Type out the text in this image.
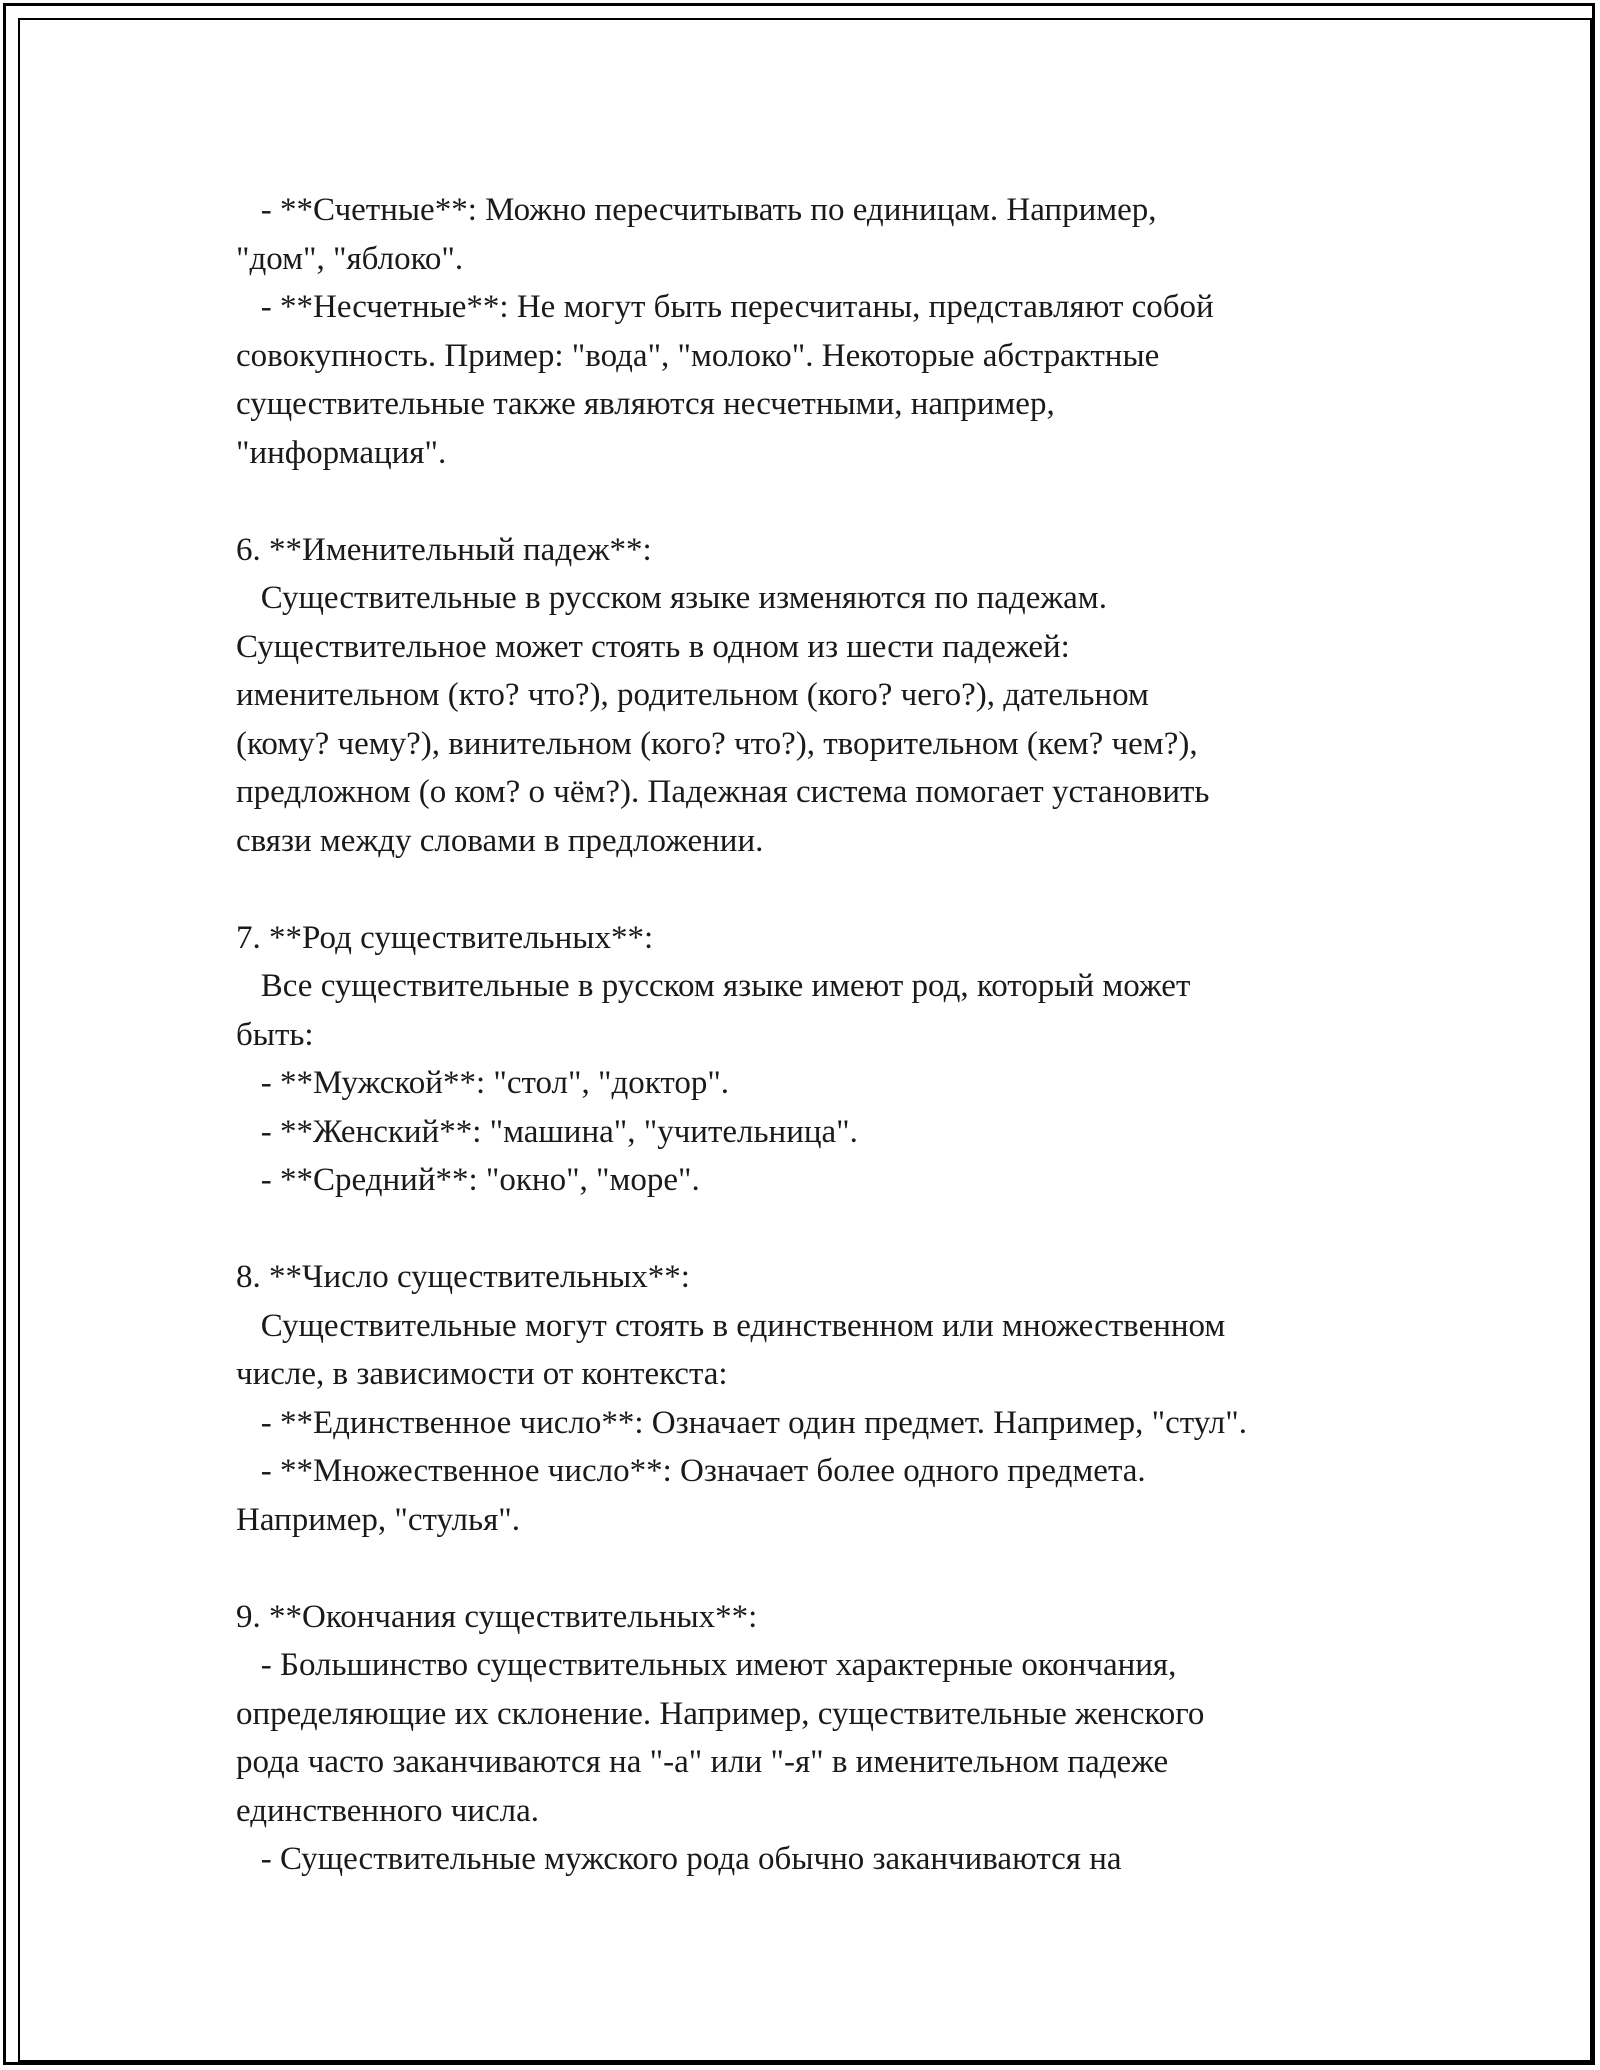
- **Счетные**: Можно пересчитывать по единицам. Например,
"дом", "яблоко".
- **Несчетные**: Не могут быть пересчитаны, представляют собой
совокупность. Пример: "вода", "молоко". Некоторые абстрактные
существительные также являются несчетными, например,
"информация".

6. **Именительный падеж**:
Существительные в русском языке изменяются по падежам.
Существительное может стоять в одном из шести падежей:
именительном (кто? что?), родительном (кого? чего?), дательном
(кому? чему?), винительном (кого? что?), творительном (кем? чем?),
предложном (о ком? о чём?). Падежная система помогает установить
связи между словами в предложении.

7. **Род существительных**:
Все существительные в русском языке имеют род, который может
быть:
- **Мужской**: "стол", "доктор".
- **Женский**: "машина", "учительница".
- **Средний**: "окно", "море".

8. **Число существительных**:
Существительные могут стоять в единственном или множественном
числе, в зависимости от контекста:
- **Единственное число**: Означает один предмет. Например, "стул".
- **Множественное число**: Означает более одного предмета.
Например, "стулья".

9. **Окончания существительных**:
- Большинство существительных имеют характерные окончания,
определяющие их склонение. Например, существительные женского
рода часто заканчиваются на "-а" или "-я" в именительном падеже
единственного числа.
- Существительные мужского рода обычно заканчиваются на
